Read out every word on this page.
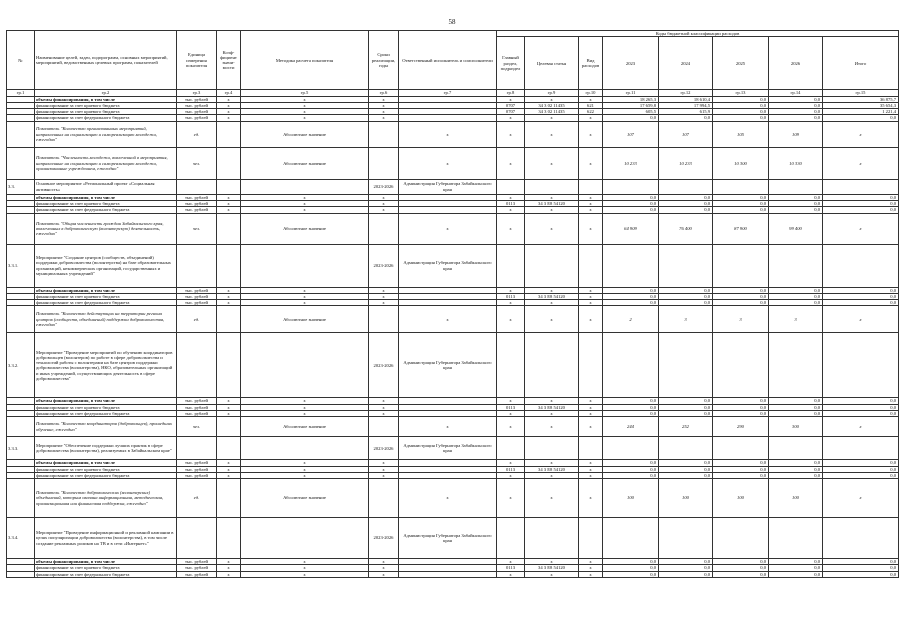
58
№	Наименование целей, задач, подпрограмм, основных мероприятий, мероприятий, ведомственных целевых программ, показателей	Единица измерения показателя	Коэф-фициент значи-мости	Методика расчета показателя	Сроки реализации, годы	Ответственный исполнитель и соисполнители	Коды бюджетной классификации расходов							
							Главный раздел, подраздел	Целевая статья	Вид расходов	2023	2024	2025	2026	Итого
гр.1	гр.2	гр.3	гр.4	гр.5	гр.6	гр.7	гр.8	гр.9	гр.10	гр.11	гр.12	гр.13	гр.14	гр.15
	объемы финансирования, в том числе	тыс. рублей	х	х	х		х	х	х	18 265,3	18 610,4	0,0	0,0	36 875,7
	финансирование за счет краевого бюджета	тыс. рублей	х	х	х		0707	34 3 02 11435	621	17 659,8	17 994,5	0,0	0,0	35 654,3
	финансирование за счет краевого бюджета	тыс. рублей	х	х	х		0707	34 3 02 11435	622	605,5	615,9	0,0	0,0	1 221,4
	финансирование за счет федерального бюджета	тыс. рублей	х	х	х		х	х	х	0,0	0,0	0,0	0,0	0,0
	Показатель "Количество организованных мероприятий, направленных на социализацию и самореализацию молодежи, ежегодно"	ед.		Абсолютное значение		х	х	х	х	107	107	105	109	х
	Показатель "Численность молодежи, вовлеченной в мероприятия, направленные на социализацию и самореализацию молодежи, организованные учреждением, ежегодно"	чел.		Абсолютное значение		х	х	х	х	10 233	10 233	10 300	10 330	х
3.3.	Основное мероприятие «Региональный проект «Социальная активность»				2023-2026	Администрация Губернатора Забайкальского края								
	объемы финансирования, в том числе	тыс. рублей	х	х	х		х	х	х	0,0	0,0	0,0	0,0	0,0
	финансирование за счет краевого бюджета	тыс. рублей	х	х	х		0113	34 3 E8 54120	х	0,0	0,0	0,0	0,0	0,0
	финансирование за счет федерального бюджета	тыс. рублей	х	х	х		х	х	х	0,0	0,0	0,0	0,0	0,0
	Показатель "Общая численность граждан Забайкальского края, вовлеченных в добровольческую (волонтерскую) деятельность, ежегодно"	чел.		Абсолютное значение		х	х	х	х	64 909	76 400	87 900	99 400	х
3.3.1.	Мероприятие "Создание центров (сообществ, объединений) поддержки добровольчества (волонтерства) на базе образовательных организаций, некоммерческих организаций, государственных и муниципальных учреждений"				2023-2026	Администрация Губернатора Забайкальского края								
	объемы финансирования, в том числе	тыс. рублей	х	х	х		х	х	х	0,0	0,0	0,0	0,0	0,0
	финансирование за счет краевого бюджета	тыс. рублей	х	х	х		0113	34 3 E8 54120	х	0,0	0,0	0,0	0,0	0,0
	финансирование за счет федерального бюджета	тыс. рублей	х	х	х		х	х	х	0,0	0,0	0,0	0,0	0,0
	Показатель "Количество действующих на территории региона центров (сообществ, объединений) поддержки добровольчества, ежегодно"	ед.		Абсолютное значение		х	х	х	х	2	3	3	3	х
3.3.2.	Мероприятие "Проведение мероприятий по обучению координаторов добровольцев (волонтеров) по работе в сфере добровольчества и технологий работы с волонтерами на базе центров поддержки добровольчества (волонтерства), НКО, образовательных организаций и иных учреждений, осуществляющих деятельность в сфере добровольчества"				2023-2026	Администрация Губернатора Забайкальского края								
	объемы финансирования, в том числе	тыс. рублей	х	х	х		х	х	х	0,0	0,0	0,0	0,0	0,0
	финансирование за счет краевого бюджета	тыс. рублей	х	х	х		0113	34 3 E8 54120	х	0,0	0,0	0,0	0,0	0,0
	финансирование за счет федерального бюджета	тыс. рублей	х	х	х		х	х	х	0,0	0,0	0,0	0,0	0,0
	Показатель "Количество координаторов (добровольцев), прошедших обучение, ежегодно"	чел.		Абсолютное значение		х	х	х	х	244	252	290	300	х
3.3.3.	Мероприятие "Обеспечение поддержки лучших практик в сфере добровольчества (волонтерства), реализуемых в Забайкальском крае"				2023-2026	Администрация Губернатора Забайкальского края								
	объемы финансирования, в том числе	тыс. рублей	х	х	х		х	х	х	0,0	0,0	0,0	0,0	0,0
	финансирование за счет краевого бюджета	тыс. рублей	х	х	х		0113	34 3 E8 54120	х	0,0	0,0	0,0	0,0	0,0
	финансирование за счет федерального бюджета	тыс. рублей	х	х	х		х	х	х	0,0	0,0	0,0	0,0	0,0
	Показатель "Количество добровольческих (волонтерских) объединений, которым оказана информационная, методическая, организационная или финансовая поддержка, ежегодно"	ед.		Абсолютное значение		х	х	х	х	100	100	100	100	х
3.3.4.	Мероприятие "Проведение информационной и рекламной кампании в целях популяризации добровольчества (волонтерства), в том числе создание рекламных роликов на ТВ и в сети «Интернет»"				2023-2026	Администрация Губернатора Забайкальского края								
	объемы финансирования, в том числе	тыс. рублей	х	х	х		х	х	х	0,0	0,0	0,0	0,0	0,0
	финансирование за счет краевого бюджета	тыс. рублей	х	х	х		0113	34 3 E8 54120	х	0,0	0,0	0,0	0,0	0,0
	финансирование за счет федерального бюджета	тыс. рублей	х	х	х		х	х	х	0,0	0,0	0,0	0,0	0,0
